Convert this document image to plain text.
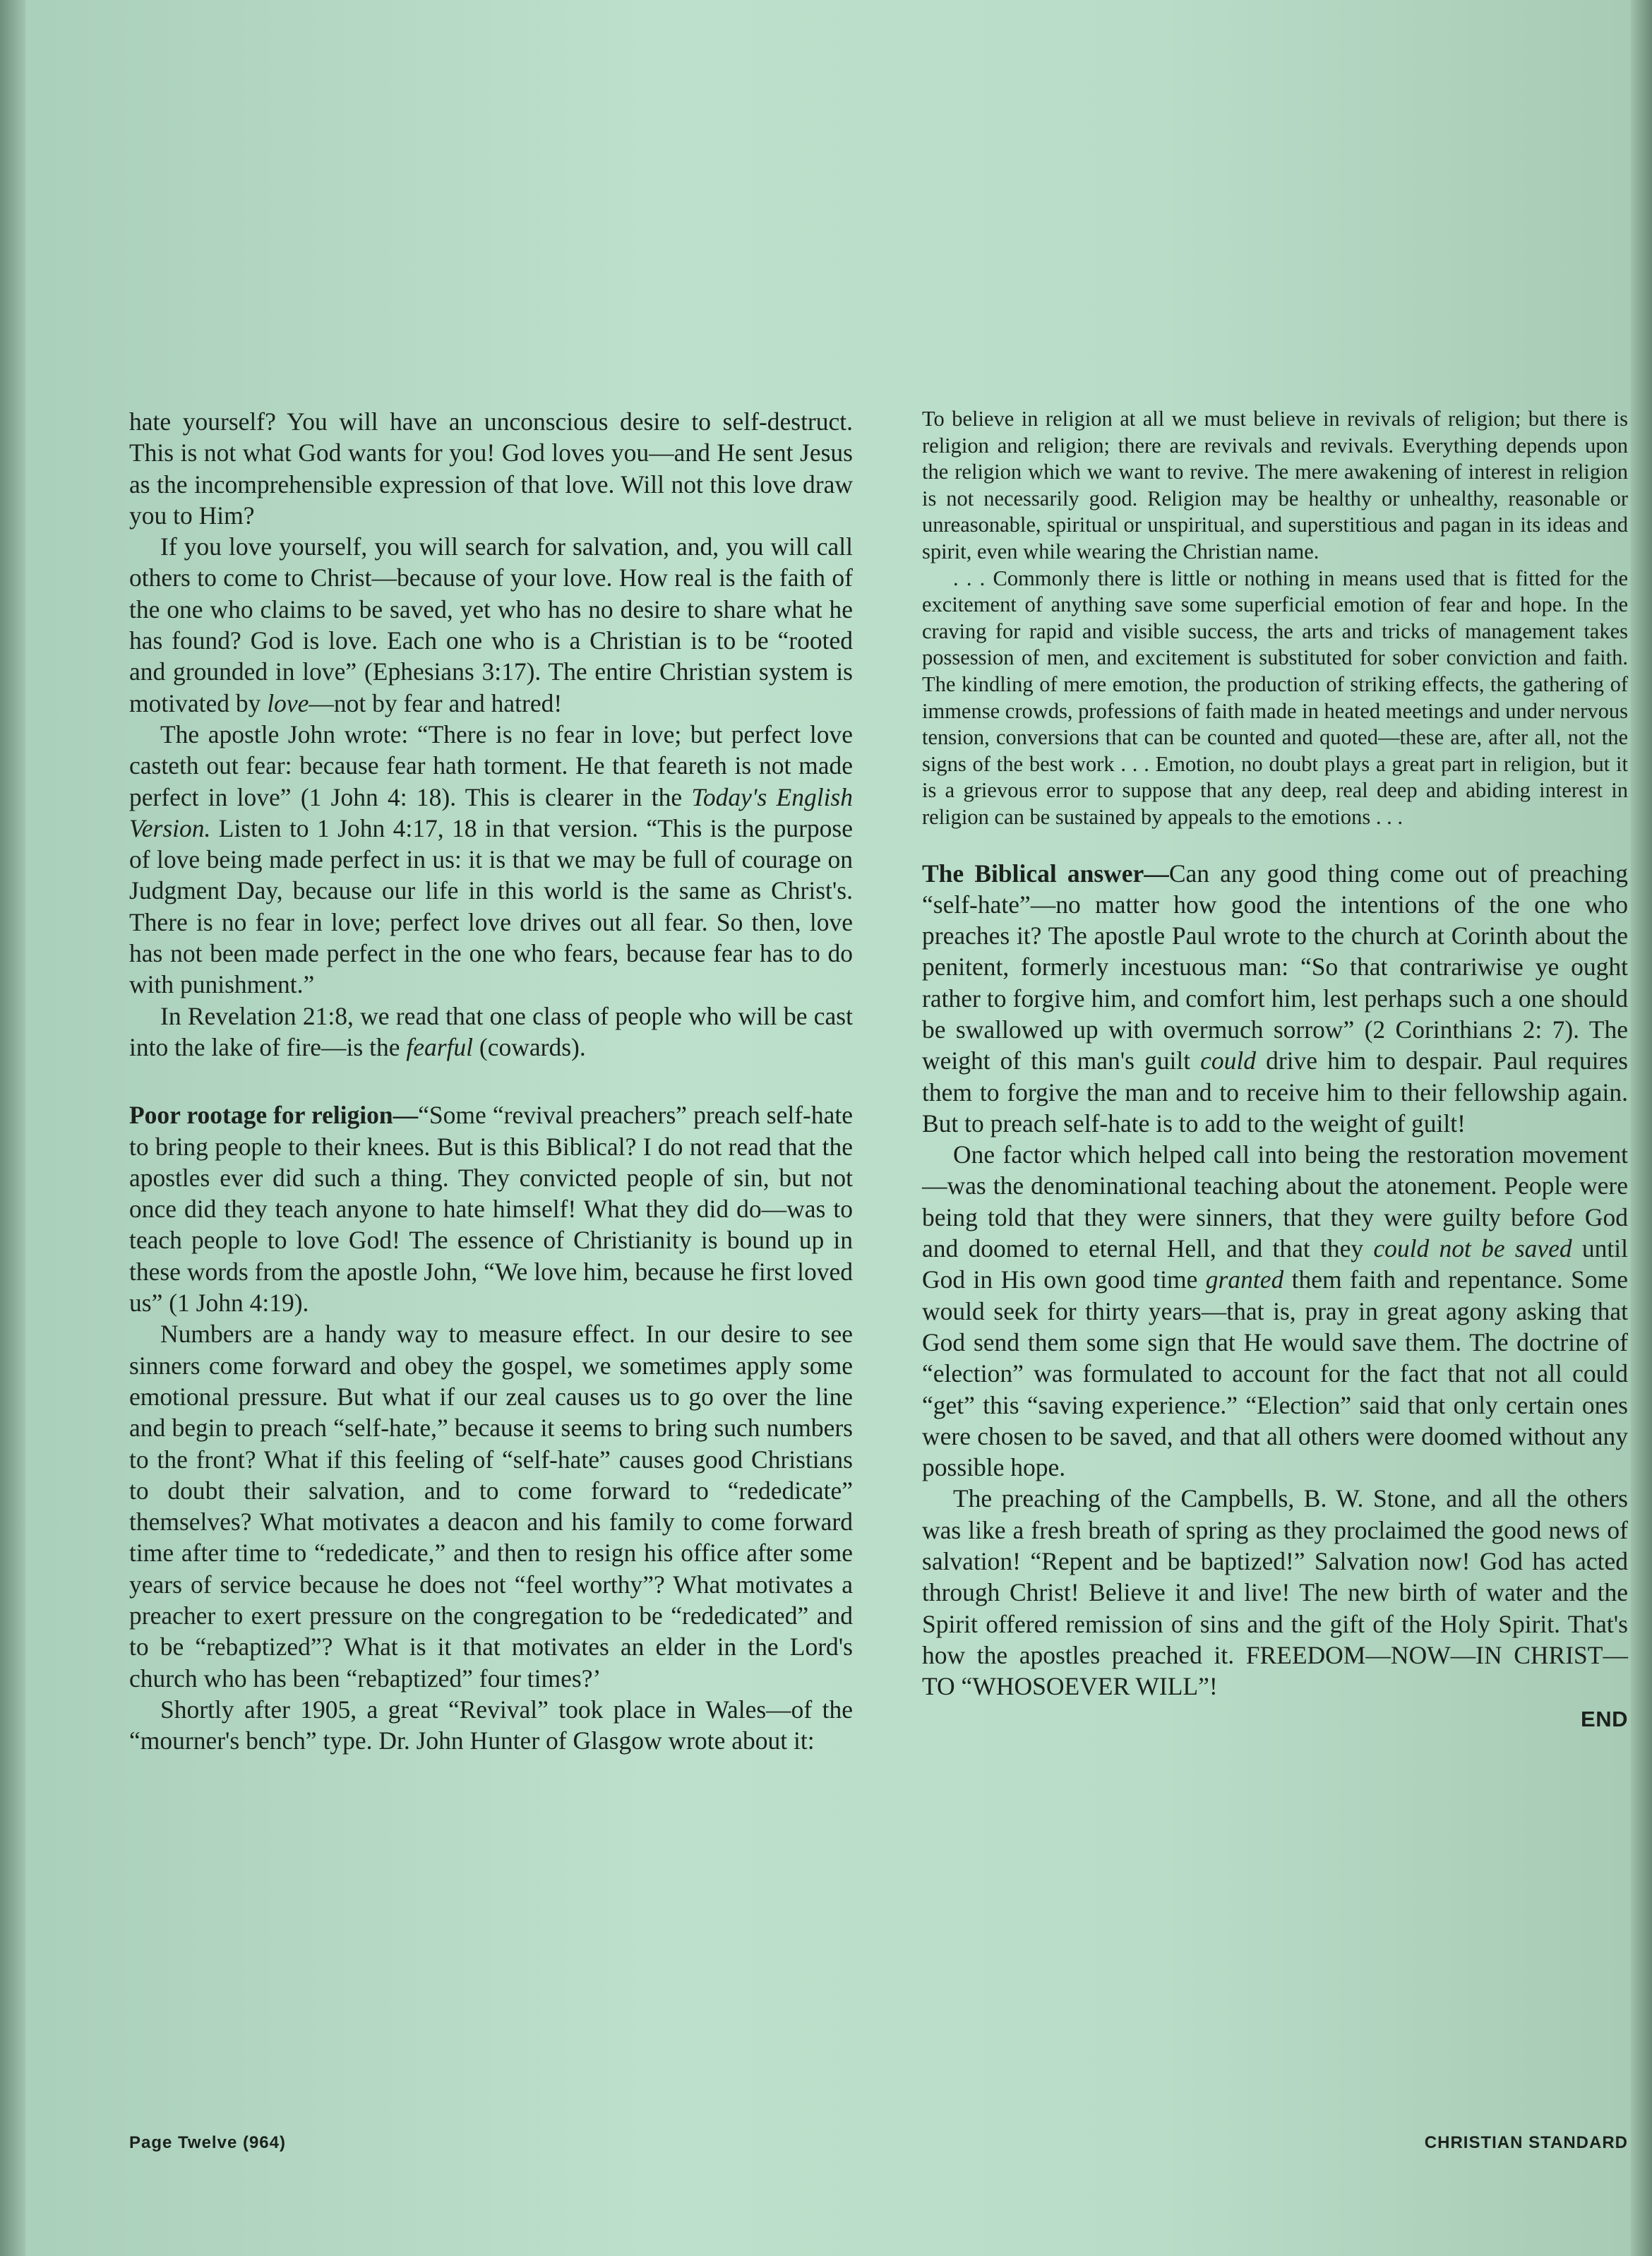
hate yourself? You will have an unconscious desire to self-destruct. This is not what God wants for you! God loves you—and He sent Jesus as the incomprehensible expression of that love. Will not this love draw you to Him?

If you love yourself, you will search for salvation, and, you will call others to come to Christ—because of your love. How real is the faith of the one who claims to be saved, yet who has no desire to share what he has found? God is love. Each one who is a Christian is to be “rooted and grounded in love” (Ephesians 3:17). The entire Christian system is motivated by love—not by fear and hatred!

The apostle John wrote: “There is no fear in love; but perfect love casteth out fear: because fear hath torment. He that feareth is not made perfect in love” (1 John 4: 18). This is clearer in the Today's English Version. Listen to 1 John 4:17, 18 in that version. “This is the purpose of love being made perfect in us: it is that we may be full of courage on Judgment Day, because our life in this world is the same as Christ's. There is no fear in love; perfect love drives out all fear. So then, love has not been made perfect in the one who fears, because fear has to do with punishment.”

In Revelation 21:8, we read that one class of people who will be cast into the lake of fire—is the fearful (cowards).

Poor rootage for religion—“Some “revival preachers” preach self-hate to bring people to their knees. But is this Biblical? I do not read that the apostles ever did such a thing. They convicted people of sin, but not once did they teach anyone to hate himself! What they did do—was to teach people to love God! The essence of Christianity is bound up in these words from the apostle John, “We love him, because he first loved us” (1 John 4:19).

Numbers are a handy way to measure effect. In our desire to see sinners come forward and obey the gospel, we sometimes apply some emotional pressure. But what if our zeal causes us to go over the line and begin to preach “self-hate,” because it seems to bring such numbers to the front? What if this feeling of “self-hate” causes good Christians to doubt their salvation, and to come forward to “rededicate” themselves? What motivates a deacon and his family to come forward time after time to “rededicate,” and then to resign his office after some years of service because he does not “feel worthy”? What motivates a preacher to exert pressure on the congregation to be “rededicated” and to be “rebaptized”? What is it that motivates an elder in the Lord's church who has been “rebaptized” four times?’

Shortly after 1905, a great “Revival” took place in Wales—of the “mourner's bench” type. Dr. John Hunter of Glasgow wrote about it:

To believe in religion at all we must believe in revivals of religion; but there is religion and religion; there are revivals and revivals. Everything depends upon the religion which we want to revive. The mere awakening of interest in religion is not necessarily good. Religion may be healthy or unhealthy, reasonable or unreasonable, spiritual or unspiritual, and superstitious and pagan in its ideas and spirit, even while wearing the Christian name.

. . . Commonly there is little or nothing in means used that is fitted for the excitement of anything save some superficial emotion of fear and hope. In the craving for rapid and visible success, the arts and tricks of management takes possession of men, and excitement is substituted for sober conviction and faith. The kindling of mere emotion, the production of striking effects, the gathering of immense crowds, professions of faith made in heated meetings and under nervous tension, conversions that can be counted and quoted—these are, after all, not the signs of the best work . . . Emotion, no doubt plays a great part in religion, but it is a grievous error to suppose that any deep, real deep and abiding interest in religion can be sustained by appeals to the emotions . . .

The Biblical answer—Can any good thing come out of preaching “self-hate”—no matter how good the intentions of the one who preaches it? The apostle Paul wrote to the church at Corinth about the penitent, formerly incestuous man: “So that contrariwise ye ought rather to forgive him, and comfort him, lest perhaps such a one should be swallowed up with overmuch sorrow” (2 Corinthians 2: 7). The weight of this man's guilt could drive him to despair. Paul requires them to forgive the man and to receive him to their fellowship again. But to preach self-hate is to add to the weight of guilt!

One factor which helped call into being the restoration movement—was the denominational teaching about the atonement. People were being told that they were sinners, that they were guilty before God and doomed to eternal Hell, and that they could not be saved until God in His own good time granted them faith and repentance. Some would seek for thirty years—that is, pray in great agony asking that God send them some sign that He would save them. The doctrine of “election” was formulated to account for the fact that not all could “get” this “saving experience.” “Election” said that only certain ones were chosen to be saved, and that all others were doomed without any possible hope.

The preaching of the Campbells, B. W. Stone, and all the others was like a fresh breath of spring as they proclaimed the good news of salvation! “Repent and be baptized!” Salvation now! God has acted through Christ! Believe it and live! The new birth of water and the Spirit offered remission of sins and the gift of the Holy Spirit. That's how the apostles preached it. FREEDOM—NOW—IN CHRIST—TO “WHOSOEVER WILL”!

END
Page Twelve (964)	CHRISTIAN STANDARD
